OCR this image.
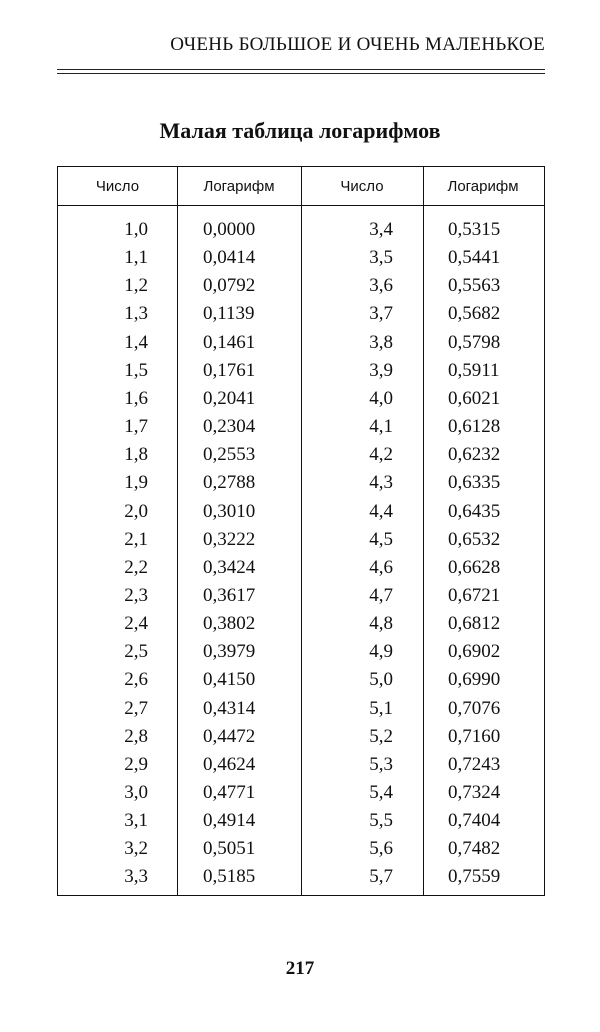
ОЧЕНЬ БОЛЬШОЕ И ОЧЕНЬ МАЛЕНЬКОЕ
Малая таблица логарифмов
Число	Логарифм	Число	Логарифм
1,0	0,0000	3,4	0,5315
1,1	0,0414	3,5	0,5441
1,2	0,0792	3,6	0,5563
1,3	0,1139	3,7	0,5682
1,4	0,1461	3,8	0,5798
1,5	0,1761	3,9	0,5911
1,6	0,2041	4,0	0,6021
1,7	0,2304	4,1	0,6128
1,8	0,2553	4,2	0,6232
1,9	0,2788	4,3	0,6335
2,0	0,3010	4,4	0,6435
2,1	0,3222	4,5	0,6532
2,2	0,3424	4,6	0,6628
2,3	0,3617	4,7	0,6721
2,4	0,3802	4,8	0,6812
2,5	0,3979	4,9	0,6902
2,6	0,4150	5,0	0,6990
2,7	0,4314	5,1	0,7076
2,8	0,4472	5,2	0,7160
2,9	0,4624	5,3	0,7243
3,0	0,4771	5,4	0,7324
3,1	0,4914	5,5	0,7404
3,2	0,5051	5,6	0,7482
3,3	0,5185	5,7	0,7559
217
